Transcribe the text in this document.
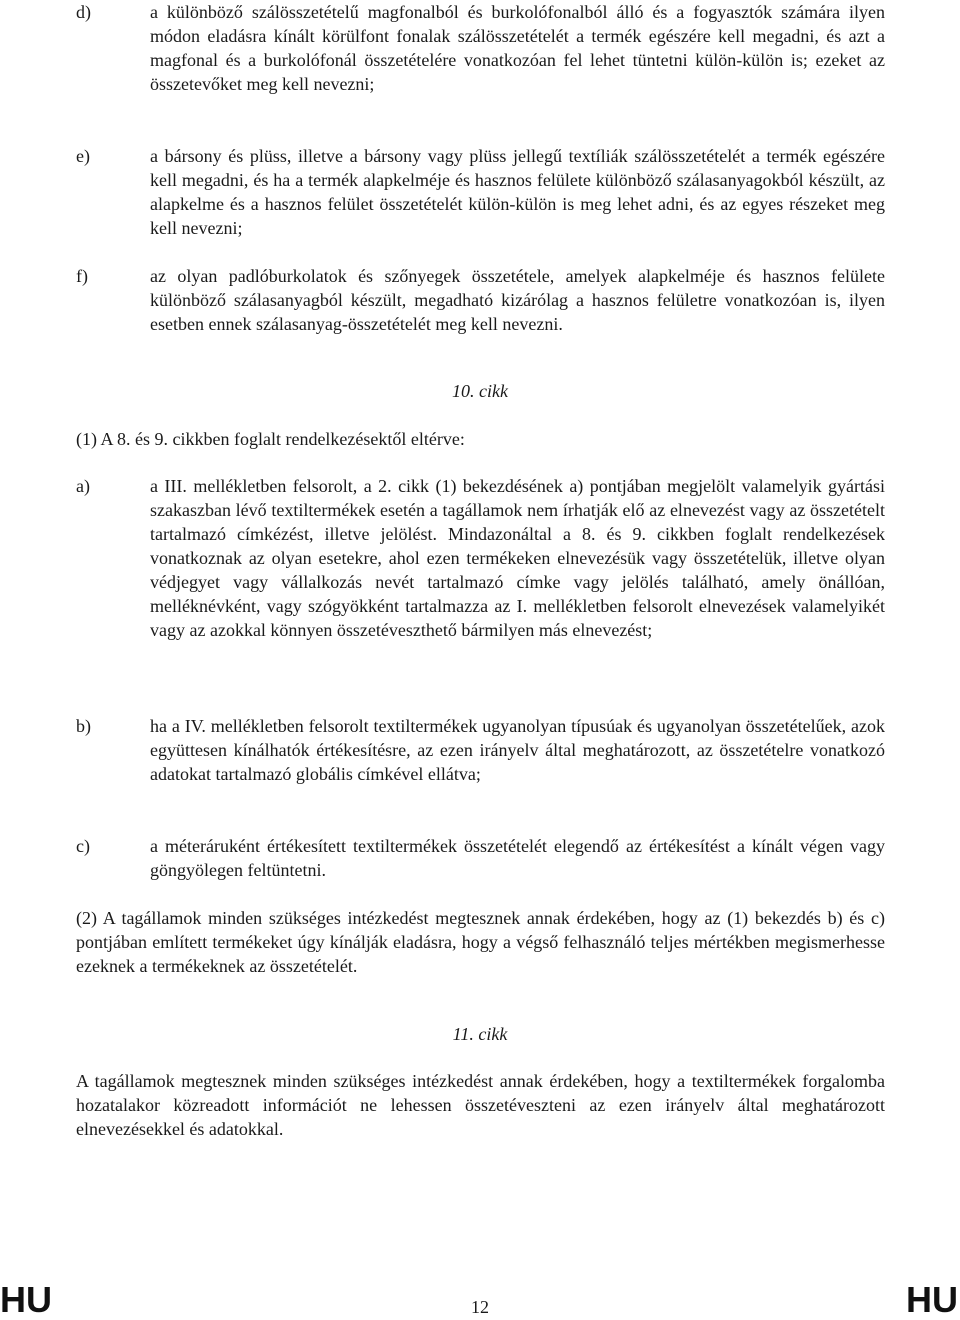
d)	a különböző szálösszetételű magfonalból és burkolófonalból álló és a fogyasztók számára ilyen módon eladásra kínált körülfont fonalak szálösszetételét a termék egészére kell megadni, és azt a magfonal és a burkolófonál összetételére vonatkozóan fel lehet tüntetni külön-külön is; ezeket az összetevőket meg kell nevezni;
e)	a bársony és plüss, illetve a bársony vagy plüss jellegű textíliák szálösszetételét a termék egészére kell megadni, és ha a termék alapkelméje és hasznos felülete különböző szálasanyagokból készült, az alapkelme és a hasznos felület összetételét külön-külön is meg lehet adni, és az egyes részeket meg kell nevezni;
f)	az olyan padlóburkolatok és szőnyegek összetétele, amelyek alapkelméje és hasznos felülete különböző szálasanyagból készült, megadható kizárólag a hasznos felületre vonatkozóan is, ilyen esetben ennek szálasanyag-összetételét meg kell nevezni.
10. cikk
(1) A 8. és 9. cikkben foglalt rendelkezésektől eltérve:
a)	a III. mellékletben felsorolt, a 2. cikk (1) bekezdésének a) pontjában megjelölt valamelyik gyártási szakaszban lévő textiltermékek esetén a tagállamok nem írhatják elő az elnevezést vagy az összetételt tartalmazó címkézést, illetve jelölést. Mindazonáltal a 8. és 9. cikkben foglalt rendelkezések vonatkoznak az olyan esetekre, ahol ezen termékeken elnevezésük vagy összetételük, illetve olyan védjegyet vagy vállalkozás nevét tartalmazó címke vagy jelölés található, amely önállóan, melléknévként, vagy szógyökként tartalmazza az I. mellékletben felsorolt elnevezések valamelyikét vagy az azokkal könnyen összetéveszthető bármilyen más elnevezést;
b)	ha a IV. mellékletben felsorolt textiltermékek ugyanolyan típusúak és ugyanolyan összetételűek, azok együttesen kínálhatók értékesítésre, az ezen irányelv által meghatározott, az összetételre vonatkozó adatokat tartalmazó globális címkével ellátva;
c)	a méteráruként értékesített textiltermékek összetételét elegendő az értékesítést a kínált végen vagy göngyölegen feltüntetni.
(2) A tagállamok minden szükséges intézkedést megtesznek annak érdekében, hogy az (1) bekezdés b) és c) pontjában említett termékeket úgy kínálják eladásra, hogy a végső felhasználó teljes mértékben megismerhesse ezeknek a termékeknek az összetételét.
11. cikk
A tagállamok megtesznek minden szükséges intézkedést annak érdekében, hogy a textiltermékek forgalomba hozatalakor közreadott információt ne lehessen összetéveszteni az ezen irányelv által meghatározott elnevezésekkel és adatokkal.
HU	12	HU
